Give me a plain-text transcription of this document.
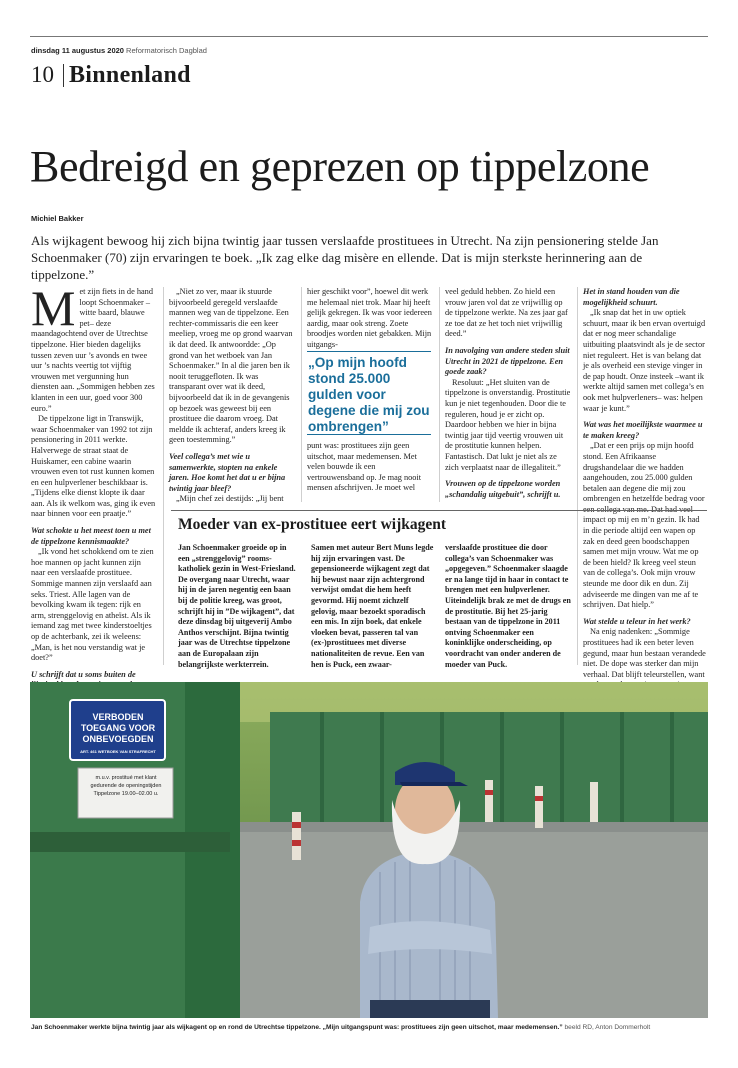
dinsdag 11 augustus 2020 Reformatorisch Dagblad
10 Binnenland
Bedreigd en geprezen op tippelzone
Michiel Bakker

Als wijkagent bewoog hij zich bijna twintig jaar tussen verslaafde prostituees in Utrecht. Na zijn pensionering stelde Jan Schoenmaker (70) zijn ervaringen te boek. „Ik zag elke dag misère en ellende. Dat is mijn sterkste herinnering aan de tippelzone.”

M et zijn fiets in de hand loopt Schoenmaker –witte baard, blauwe pet– deze maandagochtend over de Utrechtse tippelzone. Hier bieden dagelijks tussen zeven uur ’s avonds en twee uur ’s nachts veertig tot vijftig vrouwen met vergunning hun diensten aan. „Sommigen hebben zes klanten in een uur, goed voor 300 euro.”

De tippelzone ligt in Transwijk, waar Schoenmaker van 1992 tot zijn pensionering in 2011 werkte. Halverwege de straat staat de Huiskamer, een cabine waarin vrouwen even tot rust kunnen komen en een hulpverlener beschikbaar is. „Tijdens elke dienst klopte ik daar aan. Als ik welkom was, ging ik even naar binnen voor een praatje.”

Wat schokte u het meest toen u met de tippelzone kennismaakte?

„Ik vond het schokkend om te zien hoe mannen op jacht kunnen zijn naar een verslaafde prostituee. Sommige mannen zijn verslaafd aan seks. Triest. Alle lagen van de bevolking kwam ik tegen: rijk en arm, strenggelovig en atheïst. Als ik iemand zag met twee kinderstoeltjes op de achterbank, zei ik weleens: „Man, is het nou verstandig wat je doet?”

U schrijft dat u soms buiten de

„Niet zo ver, maar ik stuurde bijvoorbeeld geregeld verslaafde mannen weg van de tippelzone. Een rechter-commissaris die een keer meeliep, vroeg me op grond waarvan ik dat deed. Ik antwoordde: „Op grond van het wetboek van Jan Schoenmaker.” In al die jaren ben ik nooit teruggefloten. Ik was transparant over wat ik deed, bijvoorbeeld dat ik in de gevangenis op bezoek was geweest bij een prostituee die daarom vroeg. Dat meldde ik achteraf, anders kreeg ik geen toestemming.”

Veel collega’s met wie u samenwerkte, stopten na enkele jaren. Hoe komt het dat u er bijna twintig jaar bleef?

„Mijn chef zei destijds: „Jij bent

hier geschikt voor”, hoewel dit werk me helemaal niet trok. Maar hij heeft gelijk gekregen. Ik was voor iedereen aardig, maar ook streng. Zoete broodjes worden niet gebakken. Mijn uitgangs-

„Op mijn hoofd stond 25.000 gulden voor degene die mij zou ombrengen”

punt was: prostituees zijn geen uitschot, maar medemensen. Met velen bouwde ik een vertrouwensband op. Je mag nooit mensen afschrijven. Je moet wel

veel geduld hebben. Zo hield een vrouw jaren vol dat ze vrijwillig op de tippelzone werkte. Na zes jaar gaf ze toe dat ze het toch niet vrijwillig deed.”

In navolging van andere steden sluit Utrecht in 2021 de tippelzone. Een goede zaak?

Resoluut: „Het sluiten van de tippelzone is onverstandig. Prostitutie kun je niet tegenhouden. Door die te reguleren, houd je er zicht op. Daardoor hebben we hier in bijna twintig jaar tijd veertig vrouwen uit de prostitutie kunnen helpen. Fantastisch. Dat lukt je niet als ze zich verplaatst naar de illegaliteit.”

Vrouwen op de tippelzone worden „schandalig uitgebuit”, schrijft u.

Het in stand houden van die mogelijkheid schuurt.

„Ik snap dat het in uw optiek schuurt, maar ik ben ervan overtuigd dat er nog meer schandalige uitbuiting plaatsvindt als je de sector niet reguleert. Het is van belang dat je als overheid een stevige vinger in de pap houdt. Onze insteek –want ik werkte altijd samen met collega’s en ook met hulpverleners– was: helpen waar je kunt.”

Wat was het moeilijkste waarmee u te maken kreeg?

„Dat er een prijs op mijn hoofd stond. Een Afrikaanse drugshandelaar die we hadden aangehouden, zou 25.000 gulden betalen aan degene die mij zou ombrengen en hetzelfde bedrag voor een collega van me. Dat had veel impact op mij en m’n gezin. Ik had in die periode altijd een wapen op zak en deed geen boodschappen samen met mijn vrouw. Wat me op de been hield? Ik kreeg veel steun van de collega’s. Ook mijn vrouw steunde me door dik en dun. Zij adviseerde me dingen van me af te schrijven. Dat hielp.”

Wat stelde u teleur in het werk?

Na enig nadenken: „Sommige prostituees had ik een beter leven gegund, maar hun bestaan verandede niet. De dope was sterker dan mijn verhaal. Dat blijft teleurstellen, want

Moeder van ex-prostituee eert wijkagent
Jan Schoenmaker groeide op in een „strenggelovig” rooms-katholiek gezin in West-Friesland. De overgang naar Utrecht, waar hij in de jaren negentig een baan bij de politie kreeg, was groot, schrijft hij in ”De wijkagent”, dat deze dinsdag bij uitgeverij Ambo Anthos verschijnt. Bijna twintig jaar was de Utrechtse tippelzone aan de Europalaan zijn belangrijkste werkterrein.
Samen met auteur Bert Muns legde hij zijn ervaringen vast. De gepensioneerde wijkagent zegt dat hij bewust naar zijn achtergrond verwijst omdat die hem heeft gevormd. Hij noemt zichzelf gelovig, maar bezoekt sporadisch een mis. In zijn boek, dat enkele vloeken bevat, passeren tal van (ex-)prostituees met diverse nationaliteiten de revue. Een van hen is Puck, een zwaar-
verslaafde prostituee die door collega’s van Schoenmaker was „opgegeven.” Schoenmaker slaagde er na lange tijd in haar in contact te brengen met een hulpverlener. Uiteindelijk brak ze met de drugs en de prostitutie. Bij het 25-jarig bestaan van de tippelzone in 2011 ontving Schoenmaker een koninklijke onderscheiding, op voordracht van onder anderen de moeder van Puck.
VERBODEN TOEGANG VOOR ONBEVOEGDEN
ART. 461 WETBOEK VAN STRAFRECHT
m.u.v. prostitué met klant gedurende de openingstijden Tippelzone 19.00–02.00 u.
Jan Schoenmaker werkte bijna twintig jaar als wijkagent op en rond de Utrechtse tippelzone. „Mijn uitgangspunt was: prostituees zijn geen uitschot, maar medemensen.” beeld RD, Anton Dommerholt
